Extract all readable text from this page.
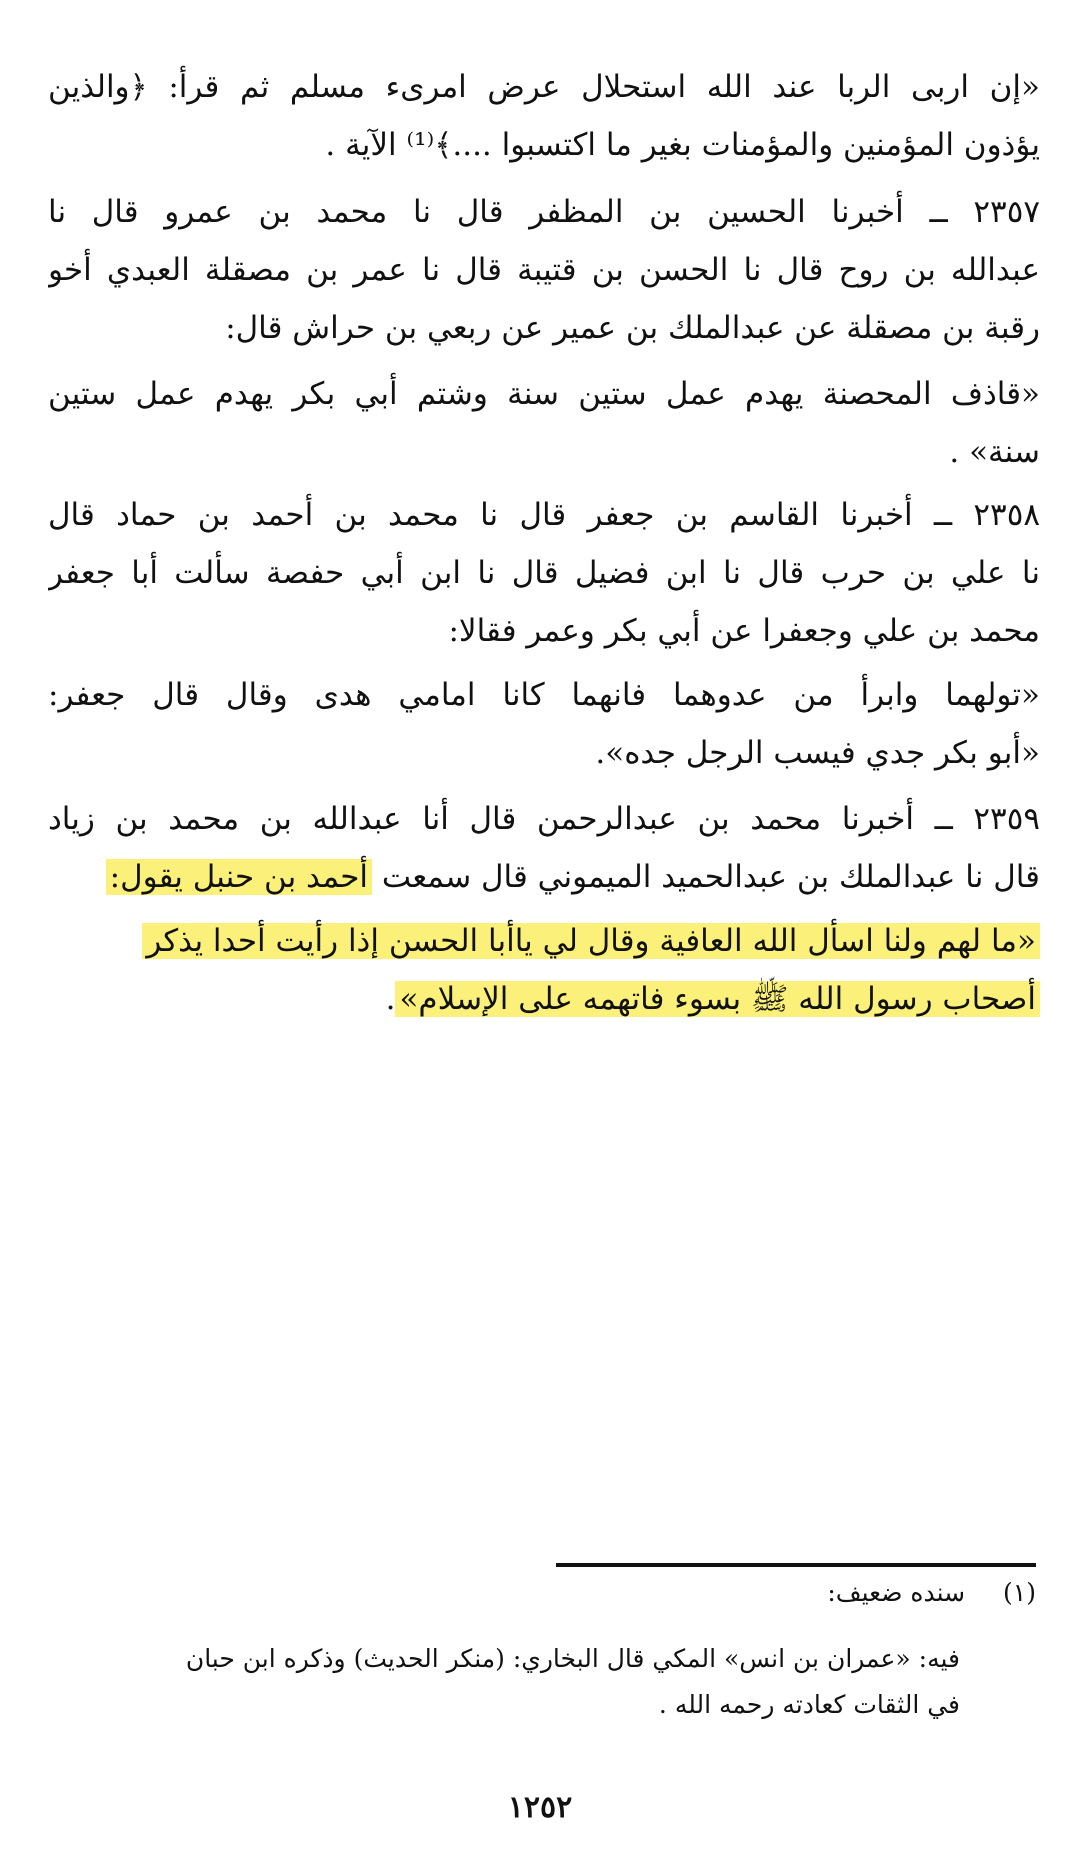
«إن اربى الربا عند الله استحلال عرض امرىء مسلم ثم قرأ: ﴿والذين
يؤذون المؤمنين والمؤمنات بغير ما اكتسبوا ....﴾⁽¹⁾ الآية .
٢٣٥٧ ــ أخبرنا الحسين بن المظفر قال نا محمد بن عمرو قال نا
عبدالله بن روح قال نا الحسن بن قتيبة قال نا عمر بن مصقلة العبدي أخو
رقبة بن مصقلة عن عبدالملك بن عمير عن ربعي بن حراش قال:
«قاذف المحصنة يهدم عمل ستين سنة وشتم أبي بكر يهدم عمل ستين
سنة» .
٢٣٥٨ ــ أخبرنا القاسم بن جعفر قال نا محمد بن أحمد بن حماد قال
نا علي بن حرب قال نا ابن فضيل قال نا ابن أبي حفصة سألت أبا جعفر
محمد بن علي وجعفرا عن أبي بكر وعمر فقالا:
«تولهما وابرأ من عدوهما فانهما كانا امامي هدى وقال قال جعفر:
«أبو بكر جدي فيسب الرجل جده».
٢٣٥٩ ــ أخبرنا محمد بن عبدالرحمن قال أنا عبدالله بن محمد بن زياد
قال نا عبدالملك بن عبدالحميد الميموني قال سمعت أحمد بن حنبل يقول:
«ما لهم ولنا اسأل الله العافية وقال لي ياأبا الحسن إذا رأيت أحدا يذكر
أصحاب رسول الله ﷺ بسوء فاتهمه على الإسلام».
(١)  سنده ضعيف:
فيه: «عمران بن انس» المكي قال البخاري: (منكر الحديث) وذكره ابن حبان
في الثقات كعادته رحمه الله .
١٢٥٢
